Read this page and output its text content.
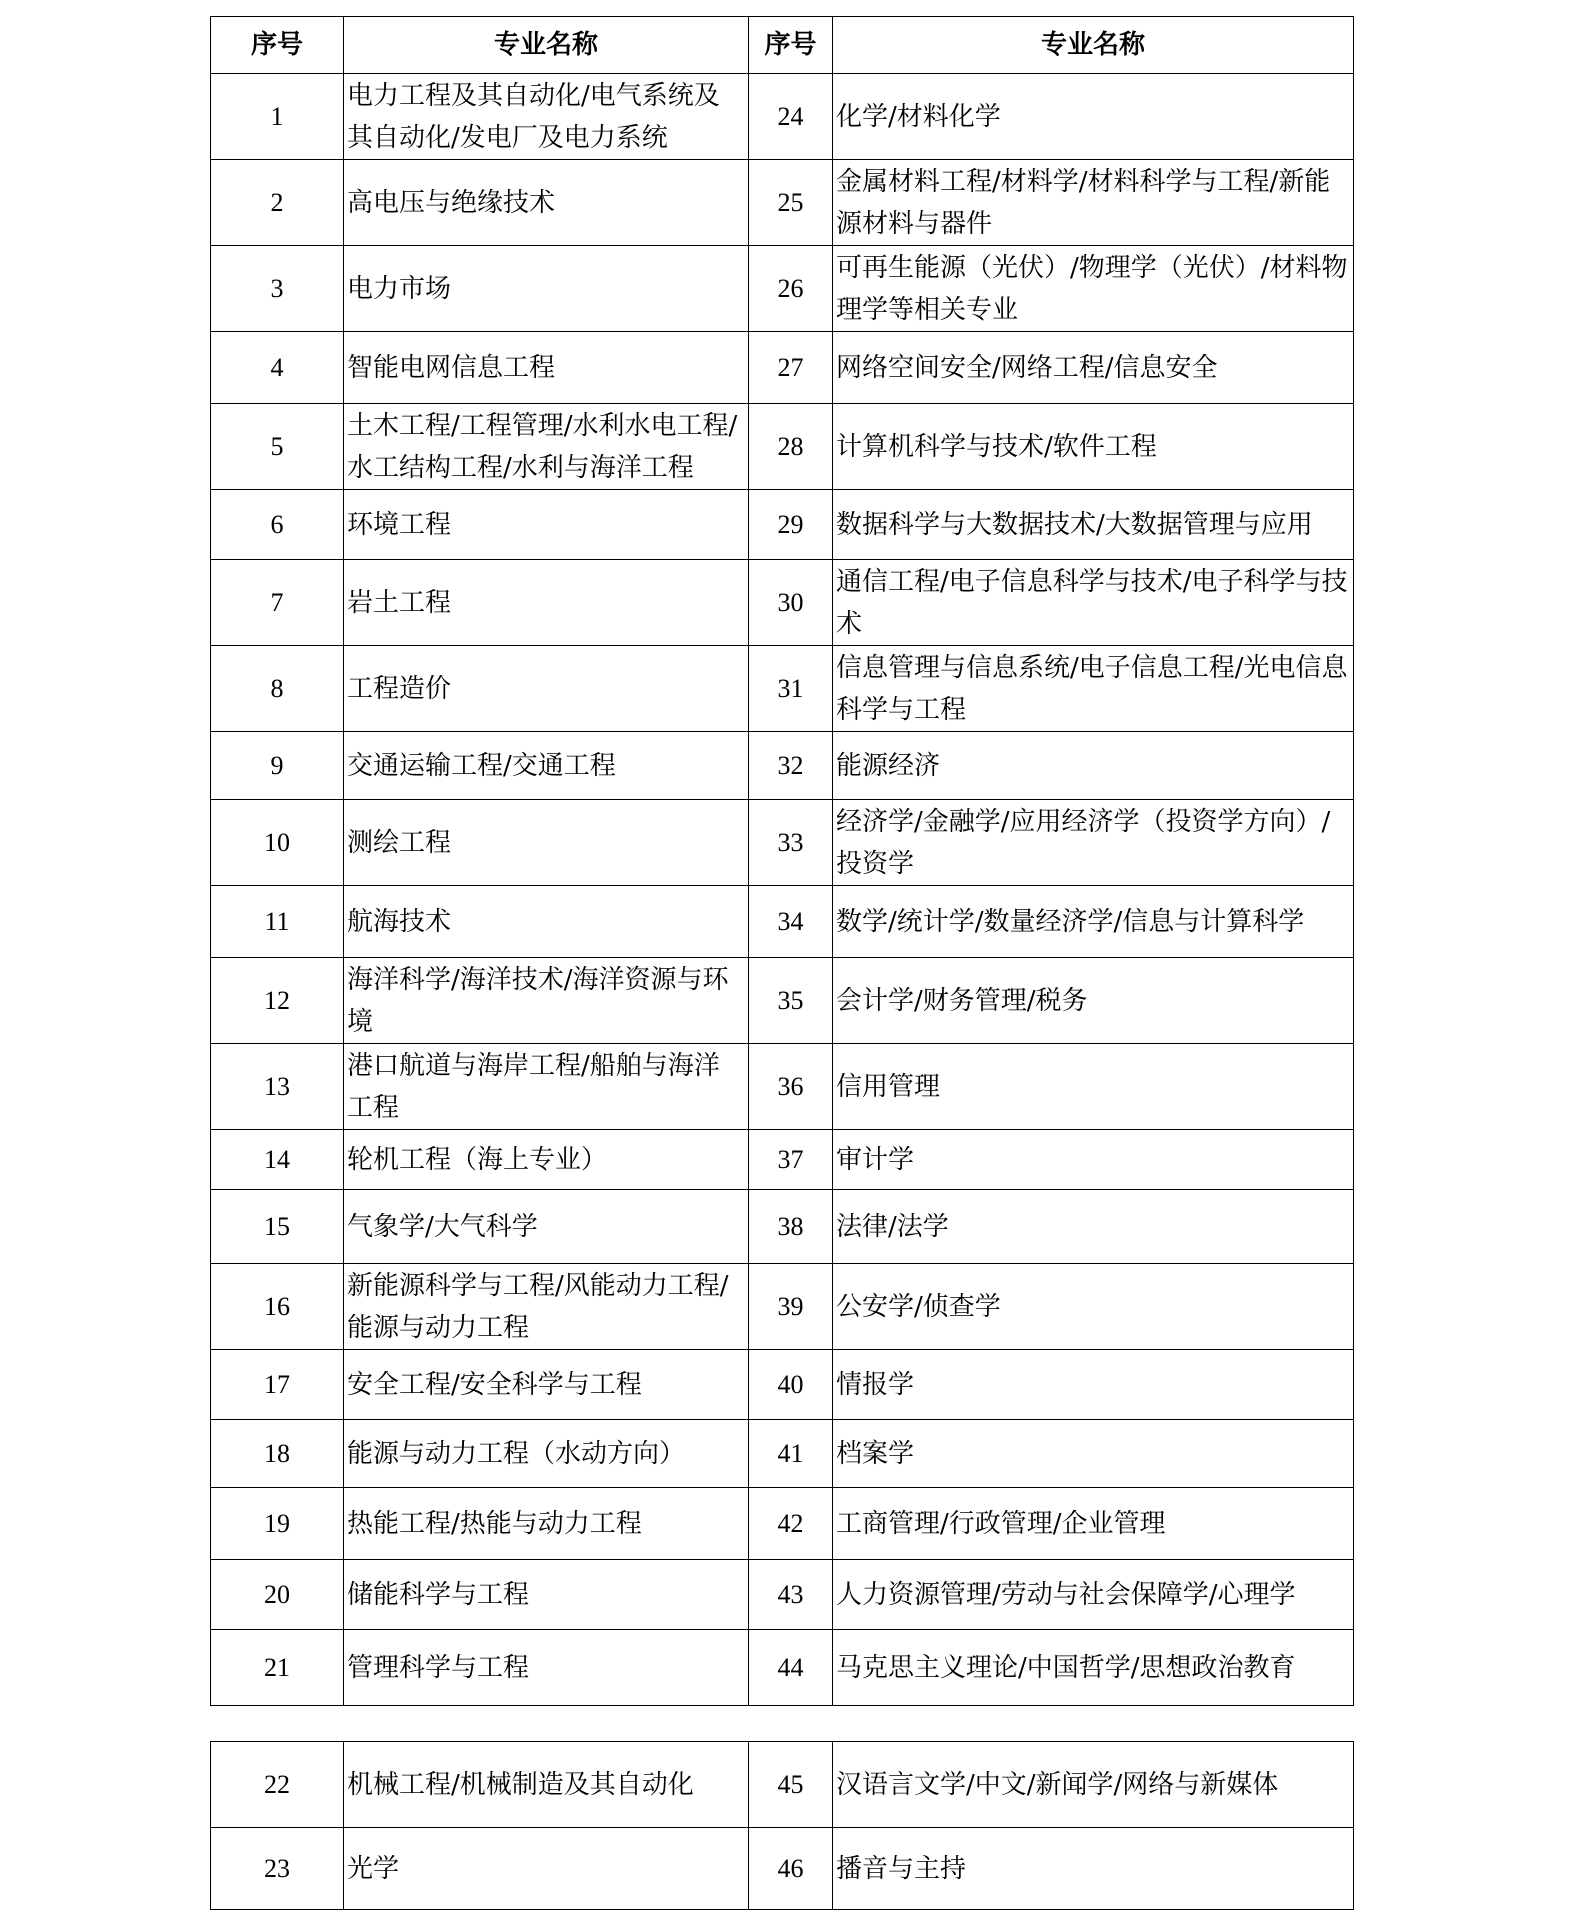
序号	专业名称	序号	专业名称
1	电力工程及其自动化/电气系统及其自动化/发电厂及电力系统	24	化学/材料化学
2	高电压与绝缘技术	25	金属材料工程/材料学/材料科学与工程/新能源材料与器件
3	电力市场	26	可再生能源（光伏）/物理学（光伏）/材料物理学等相关专业
4	智能电网信息工程	27	网络空间安全/网络工程/信息安全
5	土木工程/工程管理/水利水电工程/水工结构工程/水利与海洋工程	28	计算机科学与技术/软件工程
6	环境工程	29	数据科学与大数据技术/大数据管理与应用
7	岩土工程	30	通信工程/电子信息科学与技术/电子科学与技术
8	工程造价	31	信息管理与信息系统/电子信息工程/光电信息科学与工程
9	交通运输工程/交通工程	32	能源经济
10	测绘工程	33	经济学/金融学/应用经济学（投资学方向）/投资学
11	航海技术	34	数学/统计学/数量经济学/信息与计算科学
12	海洋科学/海洋技术/海洋资源与环境	35	会计学/财务管理/税务
13	港口航道与海岸工程/船舶与海洋工程	36	信用管理
14	轮机工程（海上专业）	37	审计学
15	气象学/大气科学	38	法律/法学
16	新能源科学与工程/风能动力工程/能源与动力工程	39	公安学/侦查学
17	安全工程/安全科学与工程	40	情报学
18	能源与动力工程（水动方向）	41	档案学
19	热能工程/热能与动力工程	42	工商管理/行政管理/企业管理
20	储能科学与工程	43	人力资源管理/劳动与社会保障学/心理学
21	管理科学与工程	44	马克思主义理论/中国哲学/思想政治教育
22	机械工程/机械制造及其自动化	45	汉语言文学/中文/新闻学/网络与新媒体
23	光学	46	播音与主持
